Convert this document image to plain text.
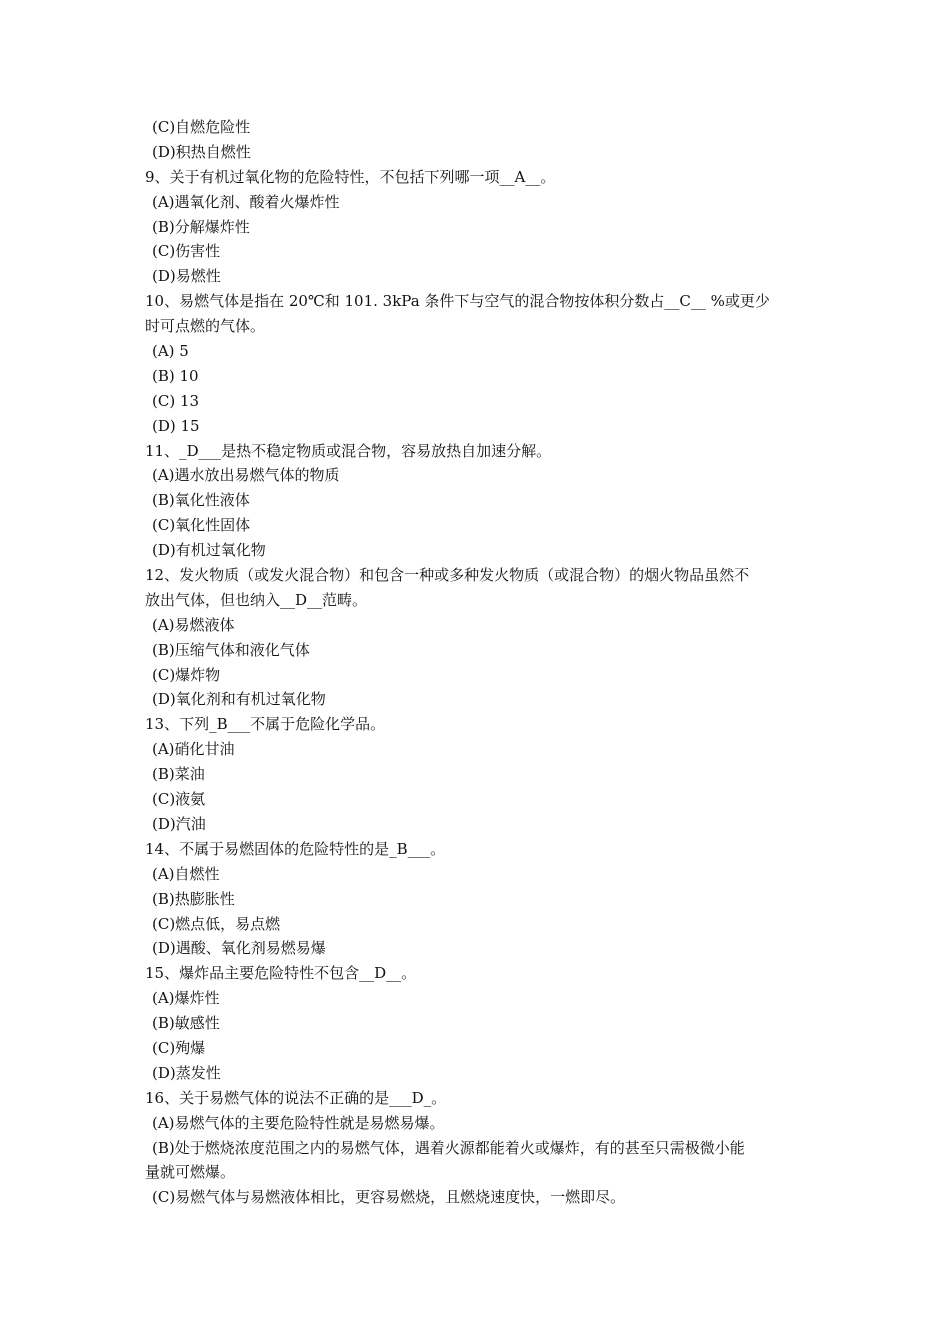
(C)自燃危险性
(D)积热自燃性
9、关于有机过氧化物的危险特性，不包括下列哪一项__A__。
(A)遇氧化剂、酸着火爆炸性
(B)分解爆炸性
(C)伤害性
(D)易燃性
10、易燃气体是指在 20℃和 101. 3kPa 条件下与空气的混合物按体积分数占__C__ %或更少
时可点燃的气体。
(A) 5
(B) 10
(C) 13
(D) 15
11、_D___是热不稳定物质或混合物，容易放热自加速分解。
(A)遇水放出易燃气体的物质
(B)氧化性液体
(C)氧化性固体
(D)有机过氧化物
12、发火物质（或发火混合物）和包含一种或多种发火物质（或混合物）的烟火物品虽然不
放出气体，但也纳入__D__范畴。
(A)易燃液体
(B)压缩气体和液化气体
(C)爆炸物
(D)氧化剂和有机过氧化物
13、下列_B___不属于危险化学品。
(A)硝化甘油
(B)菜油
(C)液氨
(D)汽油
14、不属于易燃固体的危险特性的是_B___。
(A)自燃性
(B)热膨胀性
(C)燃点低，易点燃
(D)遇酸、氧化剂易燃易爆
15、爆炸品主要危险特性不包含__D__。
(A)爆炸性
(B)敏感性
(C)殉爆
(D)蒸发性
16、关于易燃气体的说法不正确的是___D_。
(A)易燃气体的主要危险特性就是易燃易爆。
(B)处于燃烧浓度范围之内的易燃气体，遇着火源都能着火或爆炸，有的甚至只需极微小能
量就可燃爆。
(C)易燃气体与易燃液体相比，更容易燃烧，且燃烧速度快，一燃即尽。
